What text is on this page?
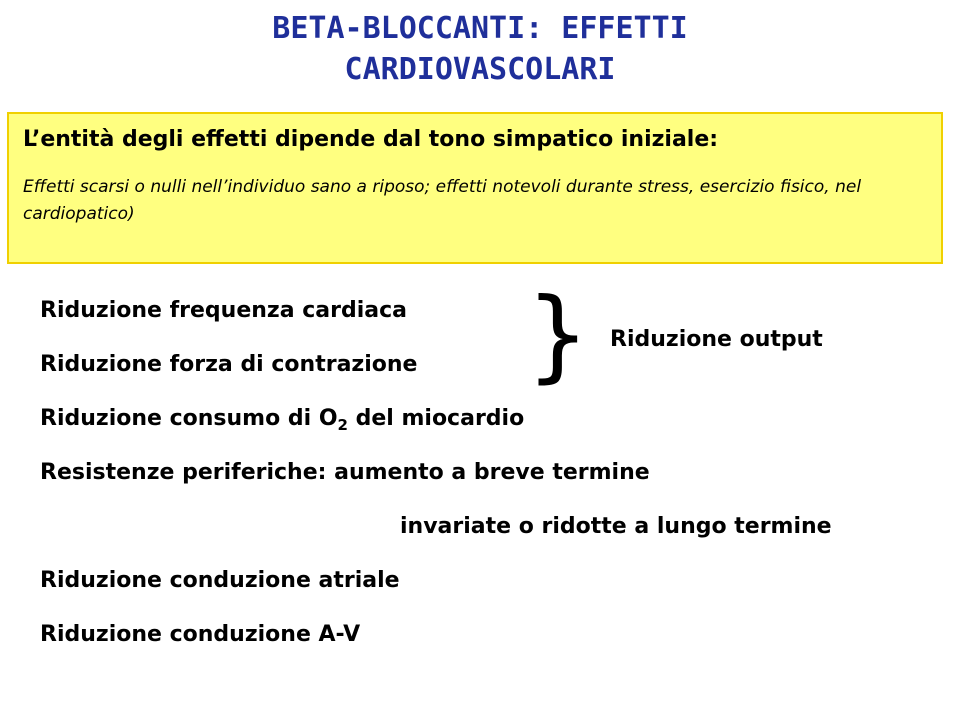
BETA-BLOCCANTI: EFFETTI
CARDIOVASCOLARI
L’entità degli effetti dipende dal tono simpatico iniziale:
Effetti scarsi o nulli nell’individuo sano a riposo; effetti notevoli durante stress, esercizio fisico, nel cardiopatico)
Riduzione frequenza cardiaca
Riduzione forza di contrazione } Riduzione output
Riduzione consumo di $O_2$ del miocardio
Resistenze periferiche: aumento a breve termine
invariate o ridotte a lungo termine
Riduzione conduzione atriale
Riduzione conduzione A-V
